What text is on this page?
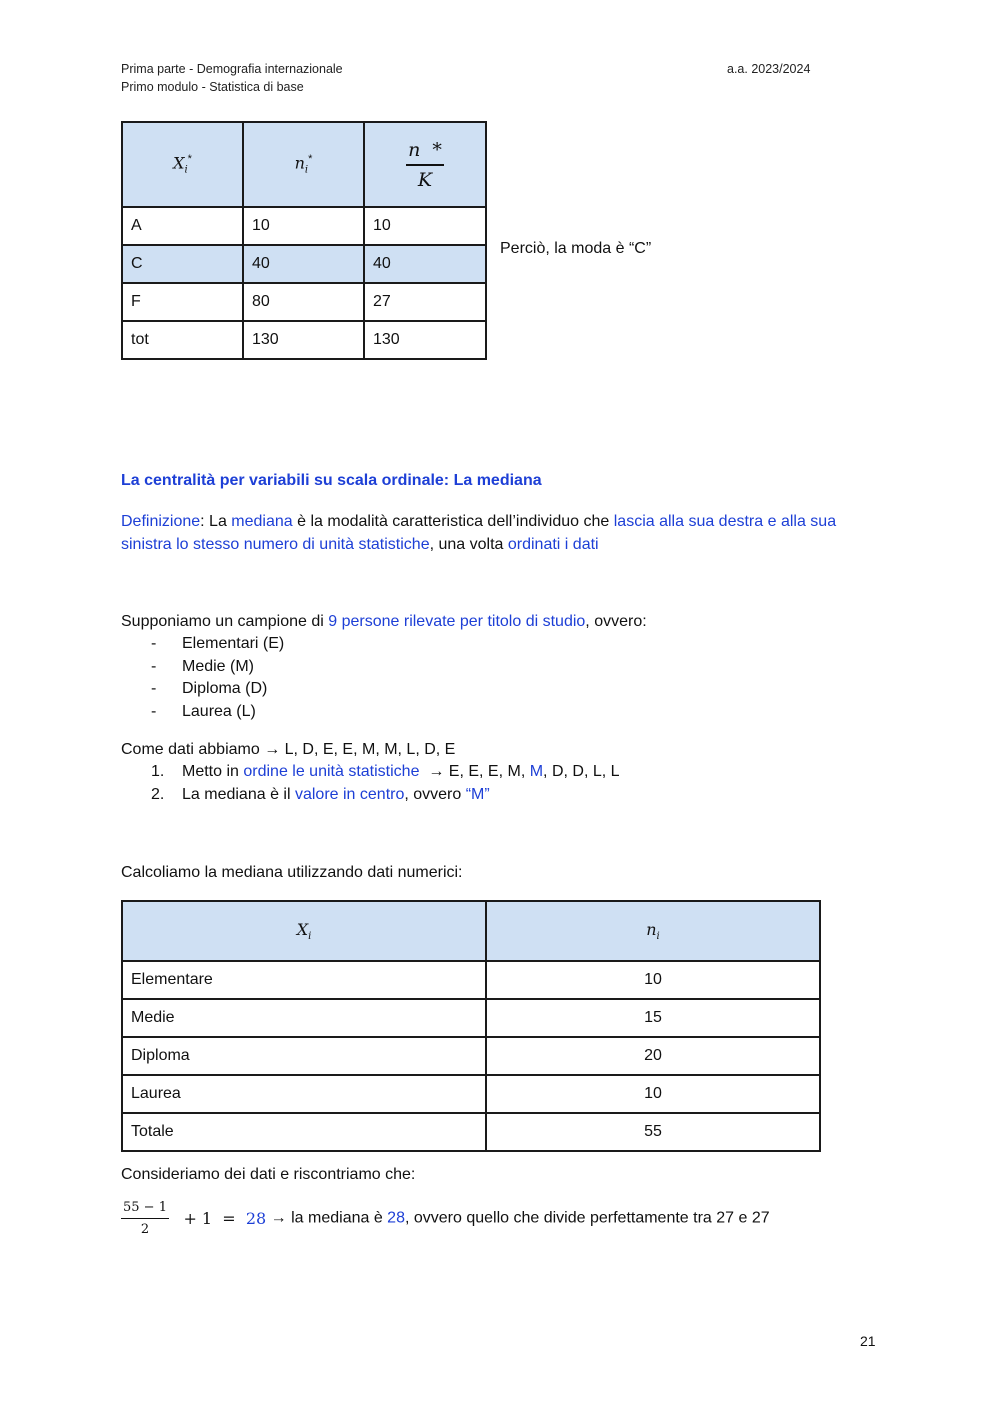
Prima parte - Demografia internazionale
Primo modulo - Statistica di base
a.a. 2023/2024
$X_i^*$	$n_i^*$	$\frac{n *}{K}$

A	10	10
C	40	40
F	80	27
tot	130	130
Perciò, la moda è “C”
La centralità per variabili su scala ordinale: La mediana
Definizione: La mediana è la modalità caratteristica dell’individuo che lascia alla sua destra e alla sua sinistra lo stesso numero di unità statistiche, una volta ordinati i dati
Supponiamo un campione di 9 persone rilevate per titolo di studio, ovvero:
- Elementari (E)
- Medie (M)
- Diploma (D)
- Laurea (L)
Come dati abbiamo → L, D, E, E, M, M, L, D, E
1. Metto in ordine le unità statistiche  → E, E, E, M, M, D, D, L, L
2. La mediana è il valore in centro, ovvero “M”
Calcoliamo la mediana utilizzando dati numerici:
$X_i$	$n_i$
Elementare	10
Medie	15
Diploma	20
Laurea	10
Totale	55
Consideriamo dei dati e riscontriamo che:
$\frac{55 - 1}{2} + 1 = 28$ → la mediana è 28, ovvero quello che divide perfettamente tra 27 e 27
21
